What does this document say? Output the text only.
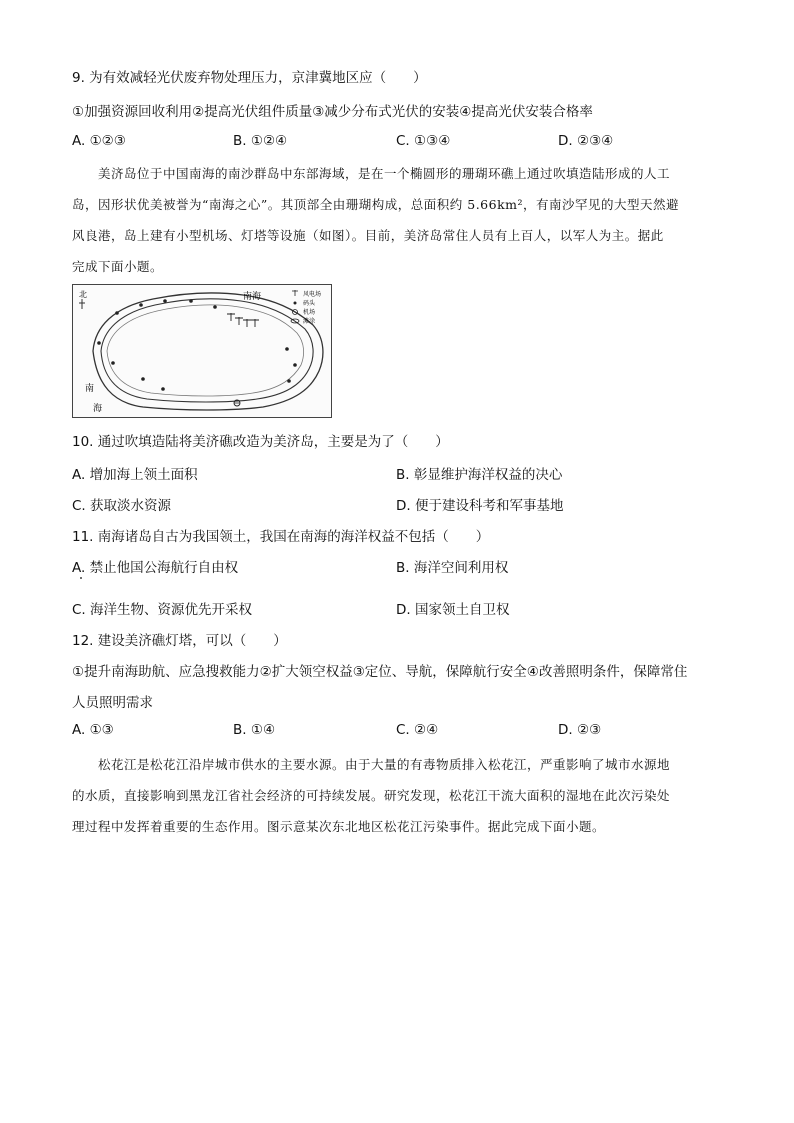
9. 为有效减轻光伏废弃物处理压力，京津冀地区应（　　）
①加强资源回收利用②提高光伏组件质量③减少分布式光伏的安装④提高光伏安装合格率
A. ①②③	B. ①②④	C. ①③④	D. ②③④
美济岛位于中国南海的南沙群岛中东部海域，是在一个椭圆形的珊瑚环礁上通过吹填造陆形成的人工
岛，因形状优美被誉为“南海之心”。其顶部全由珊瑚构成，总面积约 5.66km²，有南沙罕见的大型天然避
风良港，岛上建有小型机场、灯塔等设施（如图）。目前，美济岛常住人员有上百人，以军人为主。据此
完成下面小题。
北	南海
南
海
风电场
码头
机场
滩涂
10. 通过吹填造陆将美济礁改造为美济岛，主要是为了（　　）
A. 增加海上领土面积	B. 彰显维护海洋权益的决心
C. 获取淡水资源	D. 便于建设科考和军事基地
11. 南海诸岛自古为我国领土，我国在南海的海洋权益不包括（　　）
A. 禁止他国公海航行自由权	B. 海洋空间利用权
C. 海洋生物、资源优先开采权	D. 国家领土自卫权
12. 建设美济礁灯塔，可以（　　）
①提升南海助航、应急搜救能力②扩大领空权益③定位、导航，保障航行安全④改善照明条件，保障常住
人员照明需求
A. ①③	B. ①④	C. ②④	D. ②③
松花江是松花江沿岸城市供水的主要水源。由于大量的有毒物质排入松花江，严重影响了城市水源地
的水质，直接影响到黑龙江省社会经济的可持续发展。研究发现，松花江干流大面积的湿地在此次污染处
理过程中发挥着重要的生态作用。图示意某次东北地区松花江污染事件。据此完成下面小题。
